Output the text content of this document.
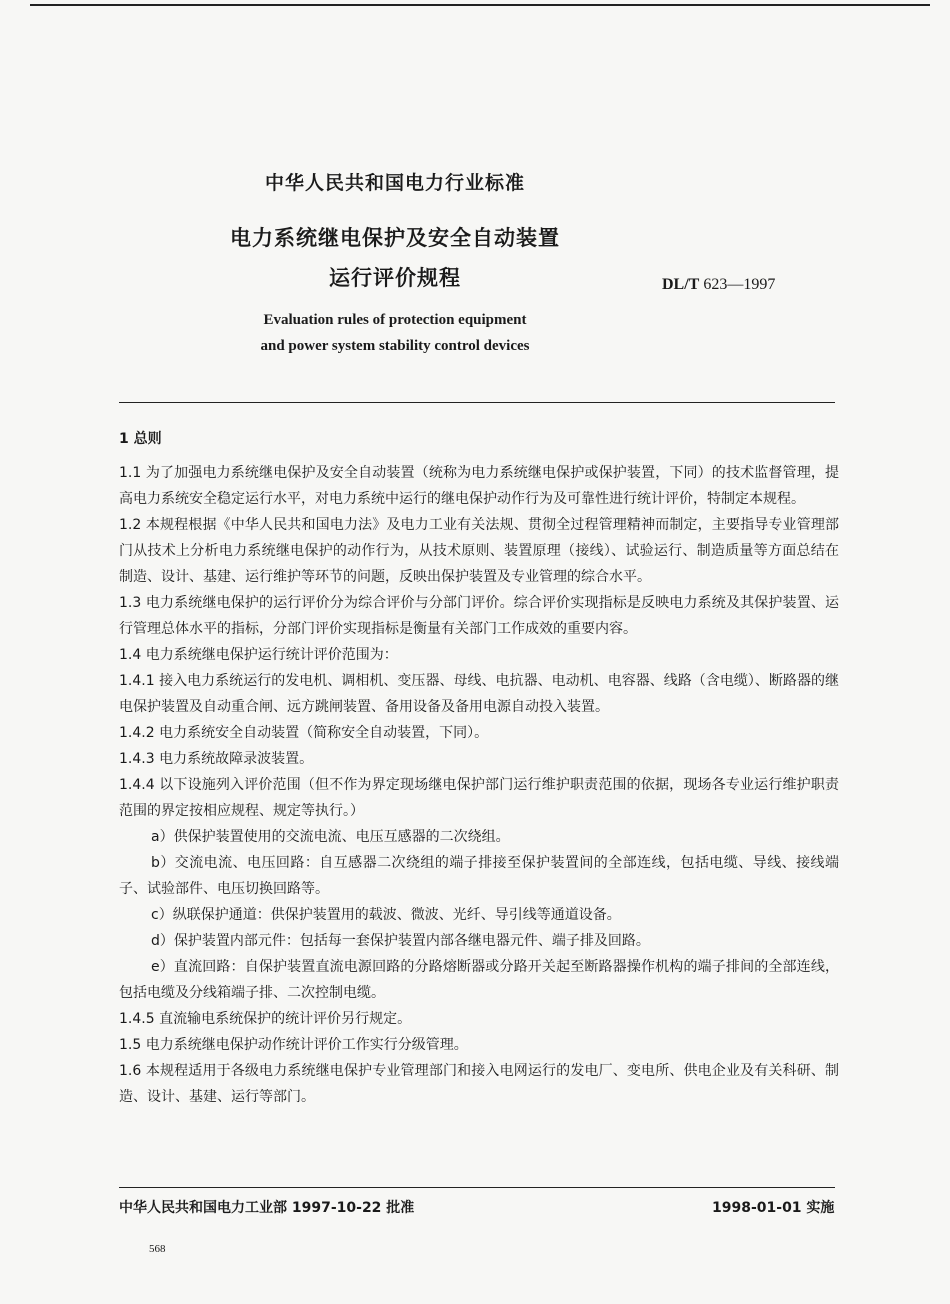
中华人民共和国电力行业标准
电力系统继电保护及安全自动装置
运行评价规程	DL/T 623—1997
Evaluation rules of protection equipment
and power system stability control devices
1 总则

1.1 为了加强电力系统继电保护及安全自动装置（统称为电力系统继电保护或保护装置，下同）的技术监督管理，提高电力系统安全稳定运行水平，对电力系统中运行的继电保护动作行为及可靠性进行统计评价，特制定本规程。

1.2 本规程根据《中华人民共和国电力法》及电力工业有关法规、贯彻全过程管理精神而制定，主要指导专业管理部门从技术上分析电力系统继电保护的动作行为，从技术原则、装置原理（接线）、试验运行、制造质量等方面总结在制造、设计、基建、运行维护等环节的问题，反映出保护装置及专业管理的综合水平。

1.3 电力系统继电保护的运行评价分为综合评价与分部门评价。综合评价实现指标是反映电力系统及其保护装置、运行管理总体水平的指标，分部门评价实现指标是衡量有关部门工作成效的重要内容。

1.4 电力系统继电保护运行统计评价范围为：

1.4.1 接入电力系统运行的发电机、调相机、变压器、母线、电抗器、电动机、电容器、线路（含电缆）、断路器的继电保护装置及自动重合闸、远方跳闸装置、备用设备及备用电源自动投入装置。

1.4.2 电力系统安全自动装置（简称安全自动装置，下同）。

1.4.3 电力系统故障录波装置。

1.4.4 以下设施列入评价范围（但不作为界定现场继电保护部门运行维护职责范围的依据，现场各专业运行维护职责范围的界定按相应规程、规定等执行。）

a）供保护装置使用的交流电流、电压互感器的二次绕组。

b）交流电流、电压回路：自互感器二次绕组的端子排接至保护装置间的全部连线，包括电缆、导线、接线端子、试验部件、电压切换回路等。

c）纵联保护通道：供保护装置用的载波、微波、光纤、导引线等通道设备。

d）保护装置内部元件：包括每一套保护装置内部各继电器元件、端子排及回路。

e）直流回路：自保护装置直流电源回路的分路熔断器或分路开关起至断路器操作机构的端子排间的全部连线，包括电缆及分线箱端子排、二次控制电缆。

1.4.5 直流输电系统保护的统计评价另行规定。

1.5 电力系统继电保护动作统计评价工作实行分级管理。

1.6 本规程适用于各级电力系统继电保护专业管理部门和接入电网运行的发电厂、变电所、供电企业及有关科研、制造、设计、基建、运行等部门。

中华人民共和国电力工业部 1997-10-22 批准	1998-01-01 实施
568
